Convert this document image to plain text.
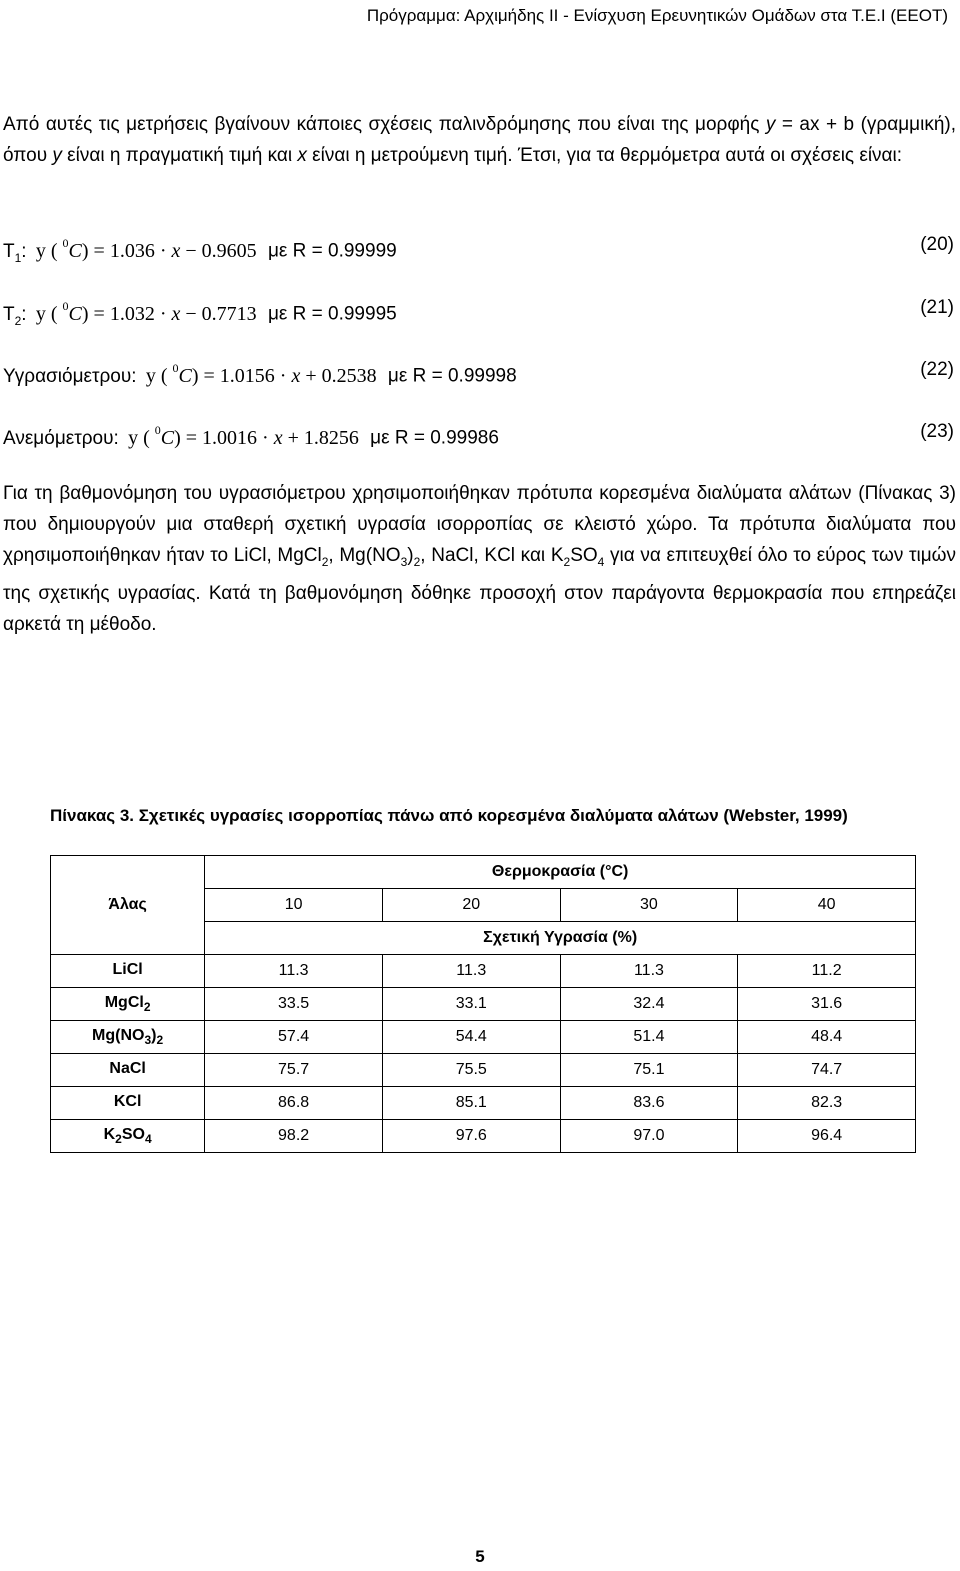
Πρόγραμμα: Αρχιμήδης ΙΙ - Ενίσχυση Ερευνητικών Ομάδων στα Τ.Ε.Ι (ΕΕΟΤ)
Από αυτές τις μετρήσεις βγαίνουν κάποιες σχέσεις παλινδρόμησης που είναι της μορφής y = ax + b (γραμμική), όπου y είναι η πραγματική τιμή και x είναι η μετρούμενη τιμή. Έτσι, για τα θερμόμετρα αυτά οι σχέσεις είναι:
$T_1$: y ( $^0$C) = 1.036 · x − 0.9605 με R = 0.99999	(20)
$T_2$: y ( $^0$C) = 1.032 · x − 0.7713 με R = 0.99995	(21)
Υγρασιόμετρου: y ( $^0$C) = 1.0156 · x + 0.2538 με R = 0.99998	(22)
Ανεμόμετρου: y ( $^0$C) = 1.0016 · x + 1.8256 με R = 0.99986	(23)
Για τη βαθμονόμηση του υγρασιόμετρου χρησιμοποιήθηκαν πρότυπα κορεσμένα διαλύματα αλάτων (Πίνακας 3) που δημιουργούν μια σταθερή σχετική υγρασία ισορροπίας σε κλειστό χώρο. Τα πρότυπα διαλύματα που χρησιμοποιήθηκαν ήταν το LiCl, MgCl$_2$, $Mg(NO_3)_2$, NaCl, KCl και $K_2SO_4$ για να επιτευχθεί όλο το εύρος των τιμών της σχετικής υγρασίας. Κατά τη βαθμονόμηση δόθηκε προσοχή στον παράγοντα θερμοκρασία που επηρεάζει αρκετά τη μέθοδο.
Πίνακας 3. Σχετικές υγρασίες ισορροπίας πάνω από κορεσμένα διαλύματα αλάτων (Webster, 1999)
Άλας	Θερμοκρασία (°C)			
	10	20	30	40
	Σχετική Υγρασία (%)			
LiCl	11.3	11.3	11.3	11.2
MgCl$_2$	33.5	33.1	32.4	31.6
$Mg(NO_3)_2$	57.4	54.4	51.4	48.4
NaCl	75.7	75.5	75.1	74.7
KCl	86.8	85.1	83.6	82.3
$K_2SO_4$	98.2	97.6	97.0	96.4
5
